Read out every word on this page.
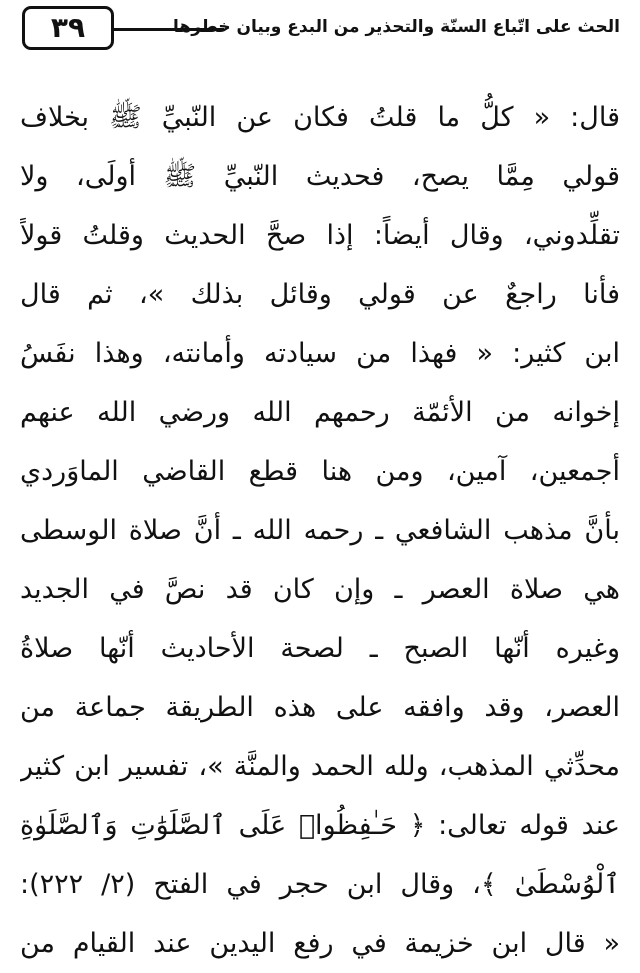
٣٩	الحث على اتّباع السنّة والتحذير من البدع وبيان خطرها
قال: « كلُّ ما قلتُ فكان عن النّبيِّ ﷺ بخلاف
قولي مِمَّا يصح، فحديث النّبيِّ ﷺ أولَى، ولا
تقلِّدوني، وقال أيضاً: إذا صحَّ الحديث وقلتُ قولاً
فأنا راجعٌ عن قولي وقائل بذلك »، ثم قال
ابن كثير: « فهذا من سيادته وأمانته، وهذا نفَسُ
إخوانه من الأئمّة رحمهم الله ورضي الله عنهم
أجمعين، آمين، ومن هنا قطع القاضي الماوَردي
بأنَّ مذهب الشافعي ـ رحمه الله ـ أنَّ صلاة الوسطى
هي صلاة العصر ـ وإن كان قد نصَّ في الجديد
وغيره أنّها الصبح ـ لصحة الأحاديث أنّها صلاةُ
العصر، وقد وافقه على هذه الطريقة جماعة من
محدِّثي المذهب، ولله الحمد والمنَّة »، تفسير ابن كثير
عند قوله تعالى: ﴿ حَـٰفِظُوا۟ عَلَى ٱلصَّلَوَٰتِ وَٱلصَّلَوٰةِ
ٱلْوُسْطَىٰ ﴾، وقال ابن حجر في الفتح (٢/ ٢٢٢):
« قال ابن خزيمة في رفع اليدين عند القيام من
